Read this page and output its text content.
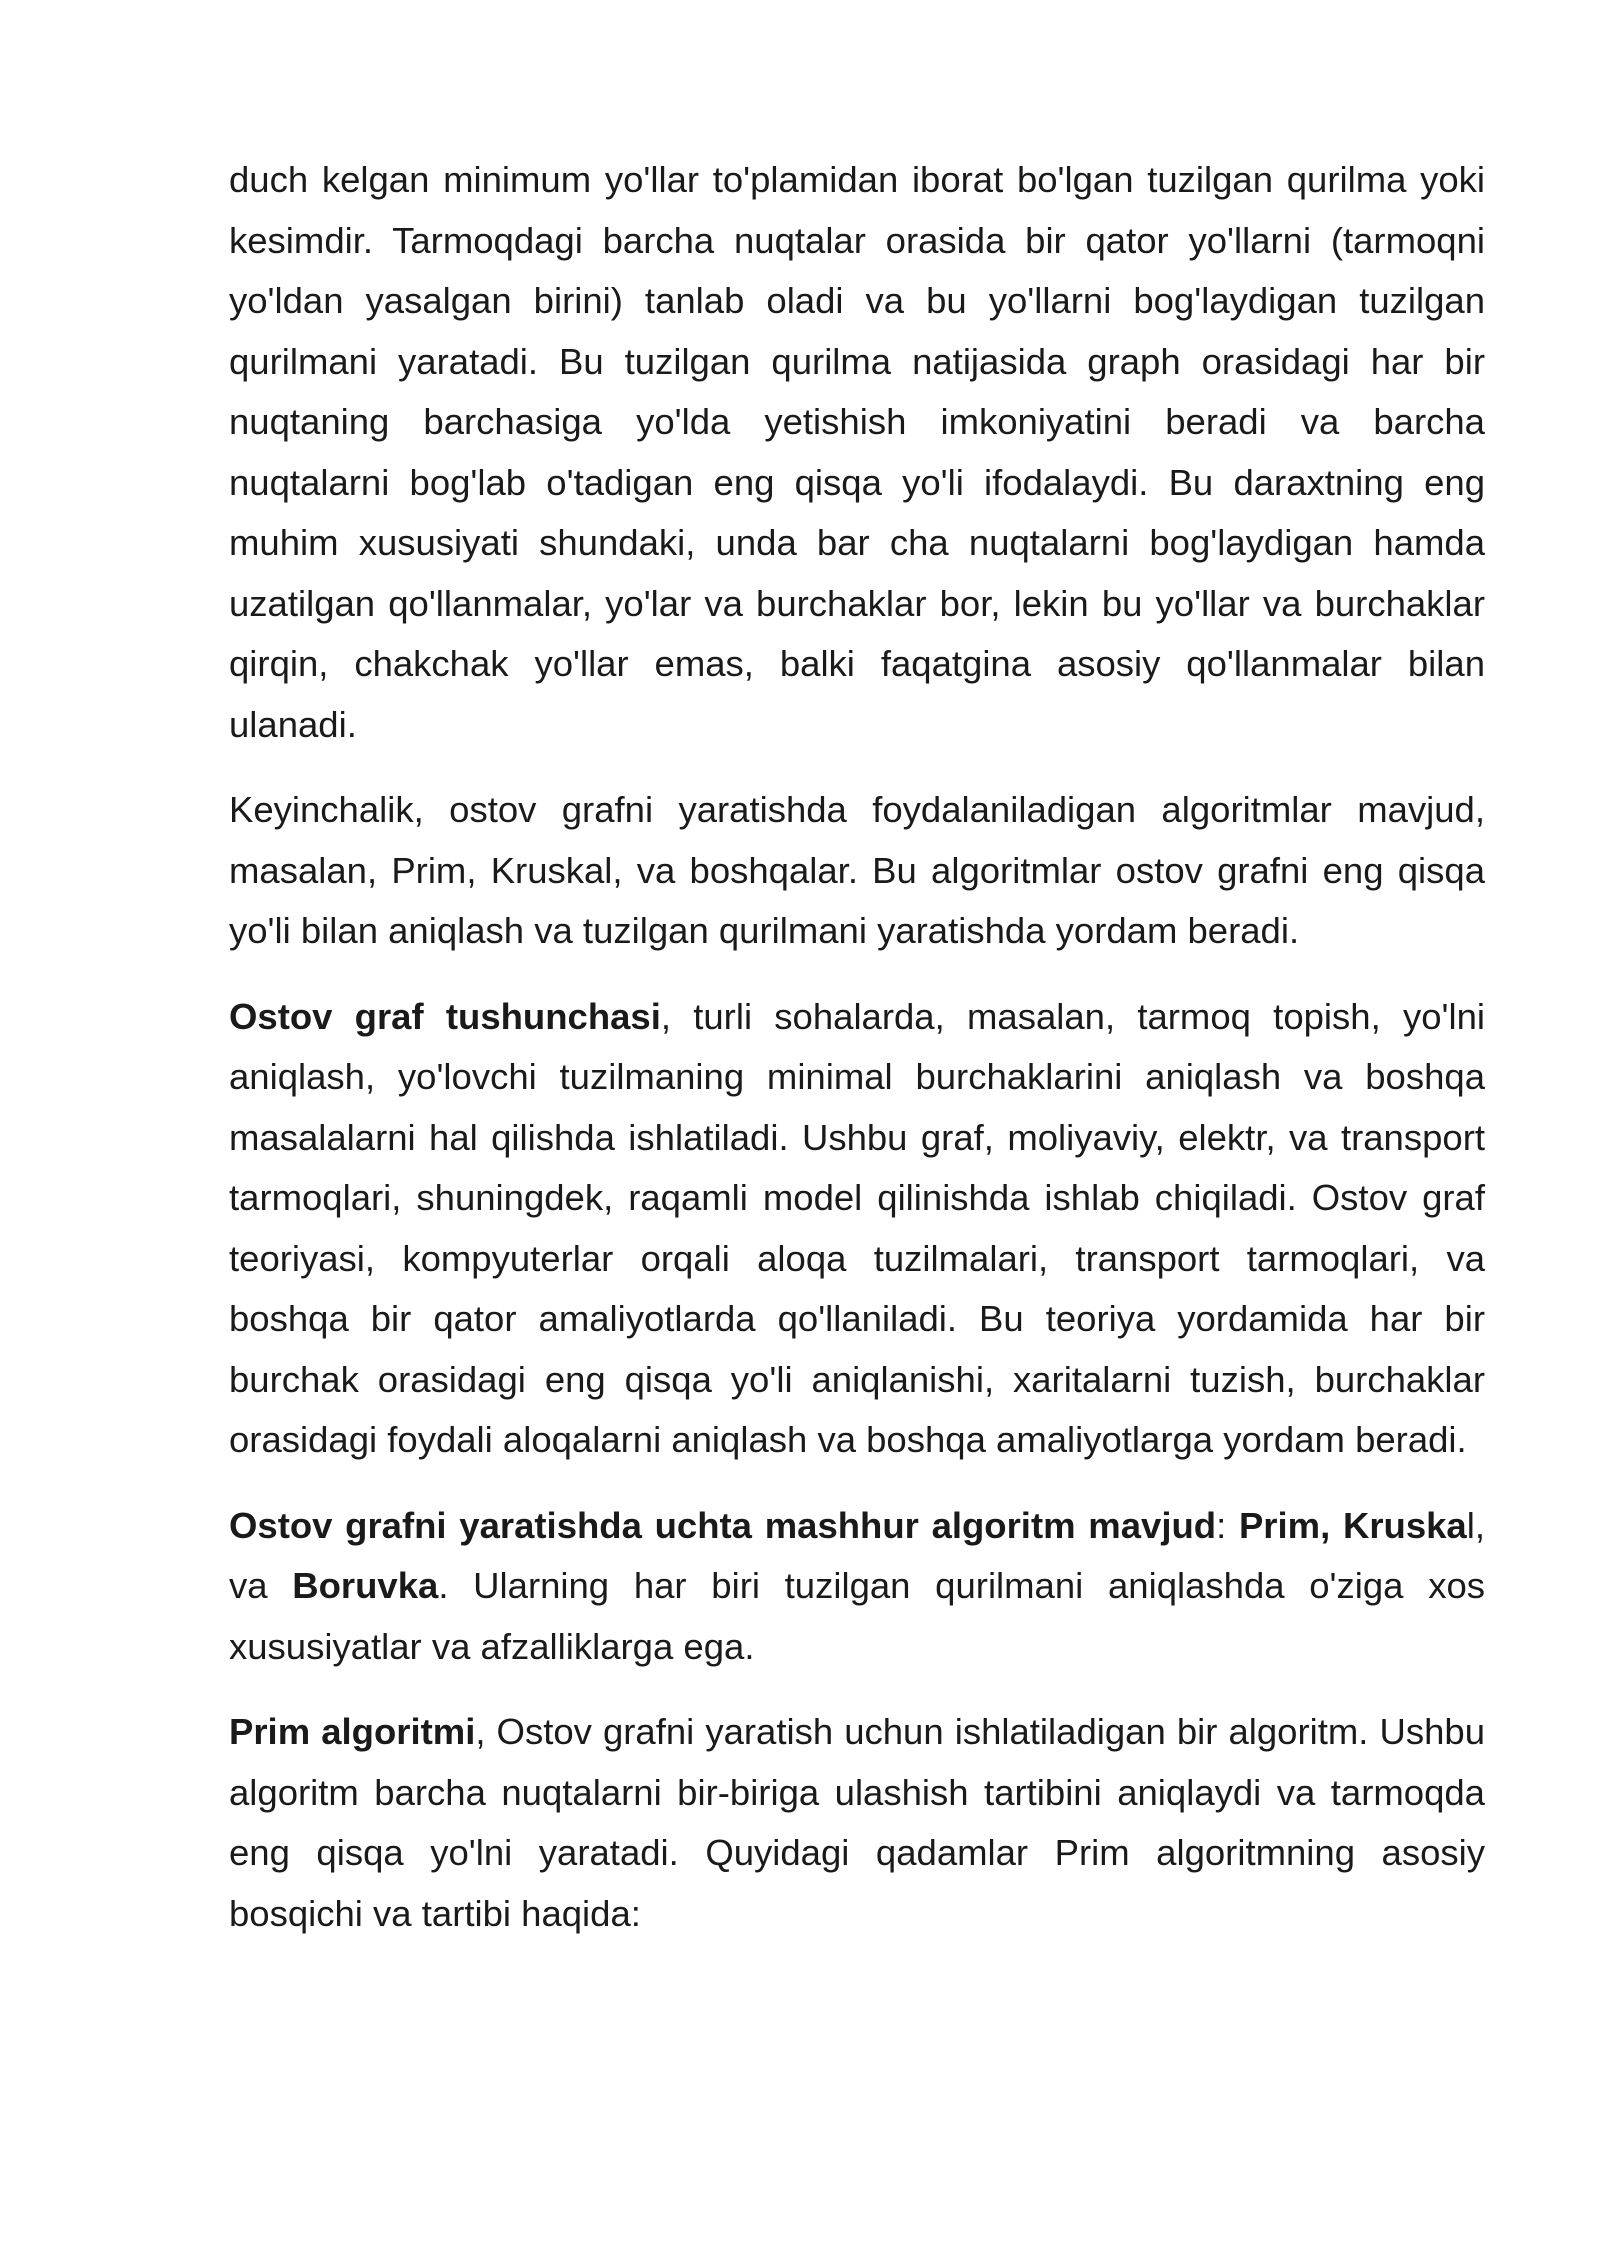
duch kelgan minimum yo'llar to'plamidan iborat bo'lgan tuzilgan qurilma yoki kesimdir. Tarmoqdagi barcha nuqtalar orasida bir qator yo'llarni (tarmoqni yo'ldan yasalgan birini) tanlab oladi va bu yo'llarni bog'laydigan tuzilgan qurilmani yaratadi. Bu tuzilgan qurilma natijasida graph orasidagi har bir nuqtaning barchasiga yo'lda yetishish imkoniyatini beradi va barcha nuqtalarni bog'lab o'tadigan eng qisqa yo'li ifodalaydi. Bu daraxtning eng muhim xususiyati shundaki, unda bar cha nuqtalarni bog'laydigan hamda uzatilgan qo'llanmalar, yo'lar va burchaklar bor, lekin bu yo'llar va burchaklar qirqin, chakchak yo'llar emas, balki faqatgina asosiy qo'llanmalar bilan ulanadi.

Keyinchalik, ostov grafni yaratishda foydalaniladigan algoritmlar mavjud, masalan, Prim, Kruskal, va boshqalar. Bu algoritmlar ostov grafni eng qisqa yo'li bilan aniqlash va tuzilgan qurilmani yaratishda yordam beradi.

Ostov graf tushunchasi, turli sohalarda, masalan, tarmoq topish, yo'lni aniqlash, yo'lovchi tuzilmaning minimal burchaklarini aniqlash va boshqa masalalarni hal qilishda ishlatiladi. Ushbu graf, moliyaviy, elektr, va transport tarmoqlari, shuningdek, raqamli model qilinishda ishlab chiqiladi. Ostov graf teoriyasi, kompyuterlar orqali aloqa tuzilmalari, transport tarmoqlari, va boshqa bir qator amaliyotlarda qo'llaniladi. Bu teoriya yordamida har bir burchak orasidagi eng qisqa yo'li aniqlanishi, xaritalarni tuzish, burchaklar orasidagi foydali aloqalarni aniqlash va boshqa amaliyotlarga yordam beradi.

Ostov grafni yaratishda uchta mashhur algoritm mavjud: Prim, Kruskal, va Boruvka. Ularning har biri tuzilgan qurilmani aniqlashda o'ziga xos xususiyatlar va afzalliklarga ega.

Prim algoritmi, Ostov grafni yaratish uchun ishlatiladigan bir algoritm. Ushbu algoritm barcha nuqtalarni bir-biriga ulashish tartibini aniqlaydi va tarmoqda eng qisqa yo'lni yaratadi. Quyidagi qadamlar Prim algoritmning asosiy bosqichi va tartibi haqida:
